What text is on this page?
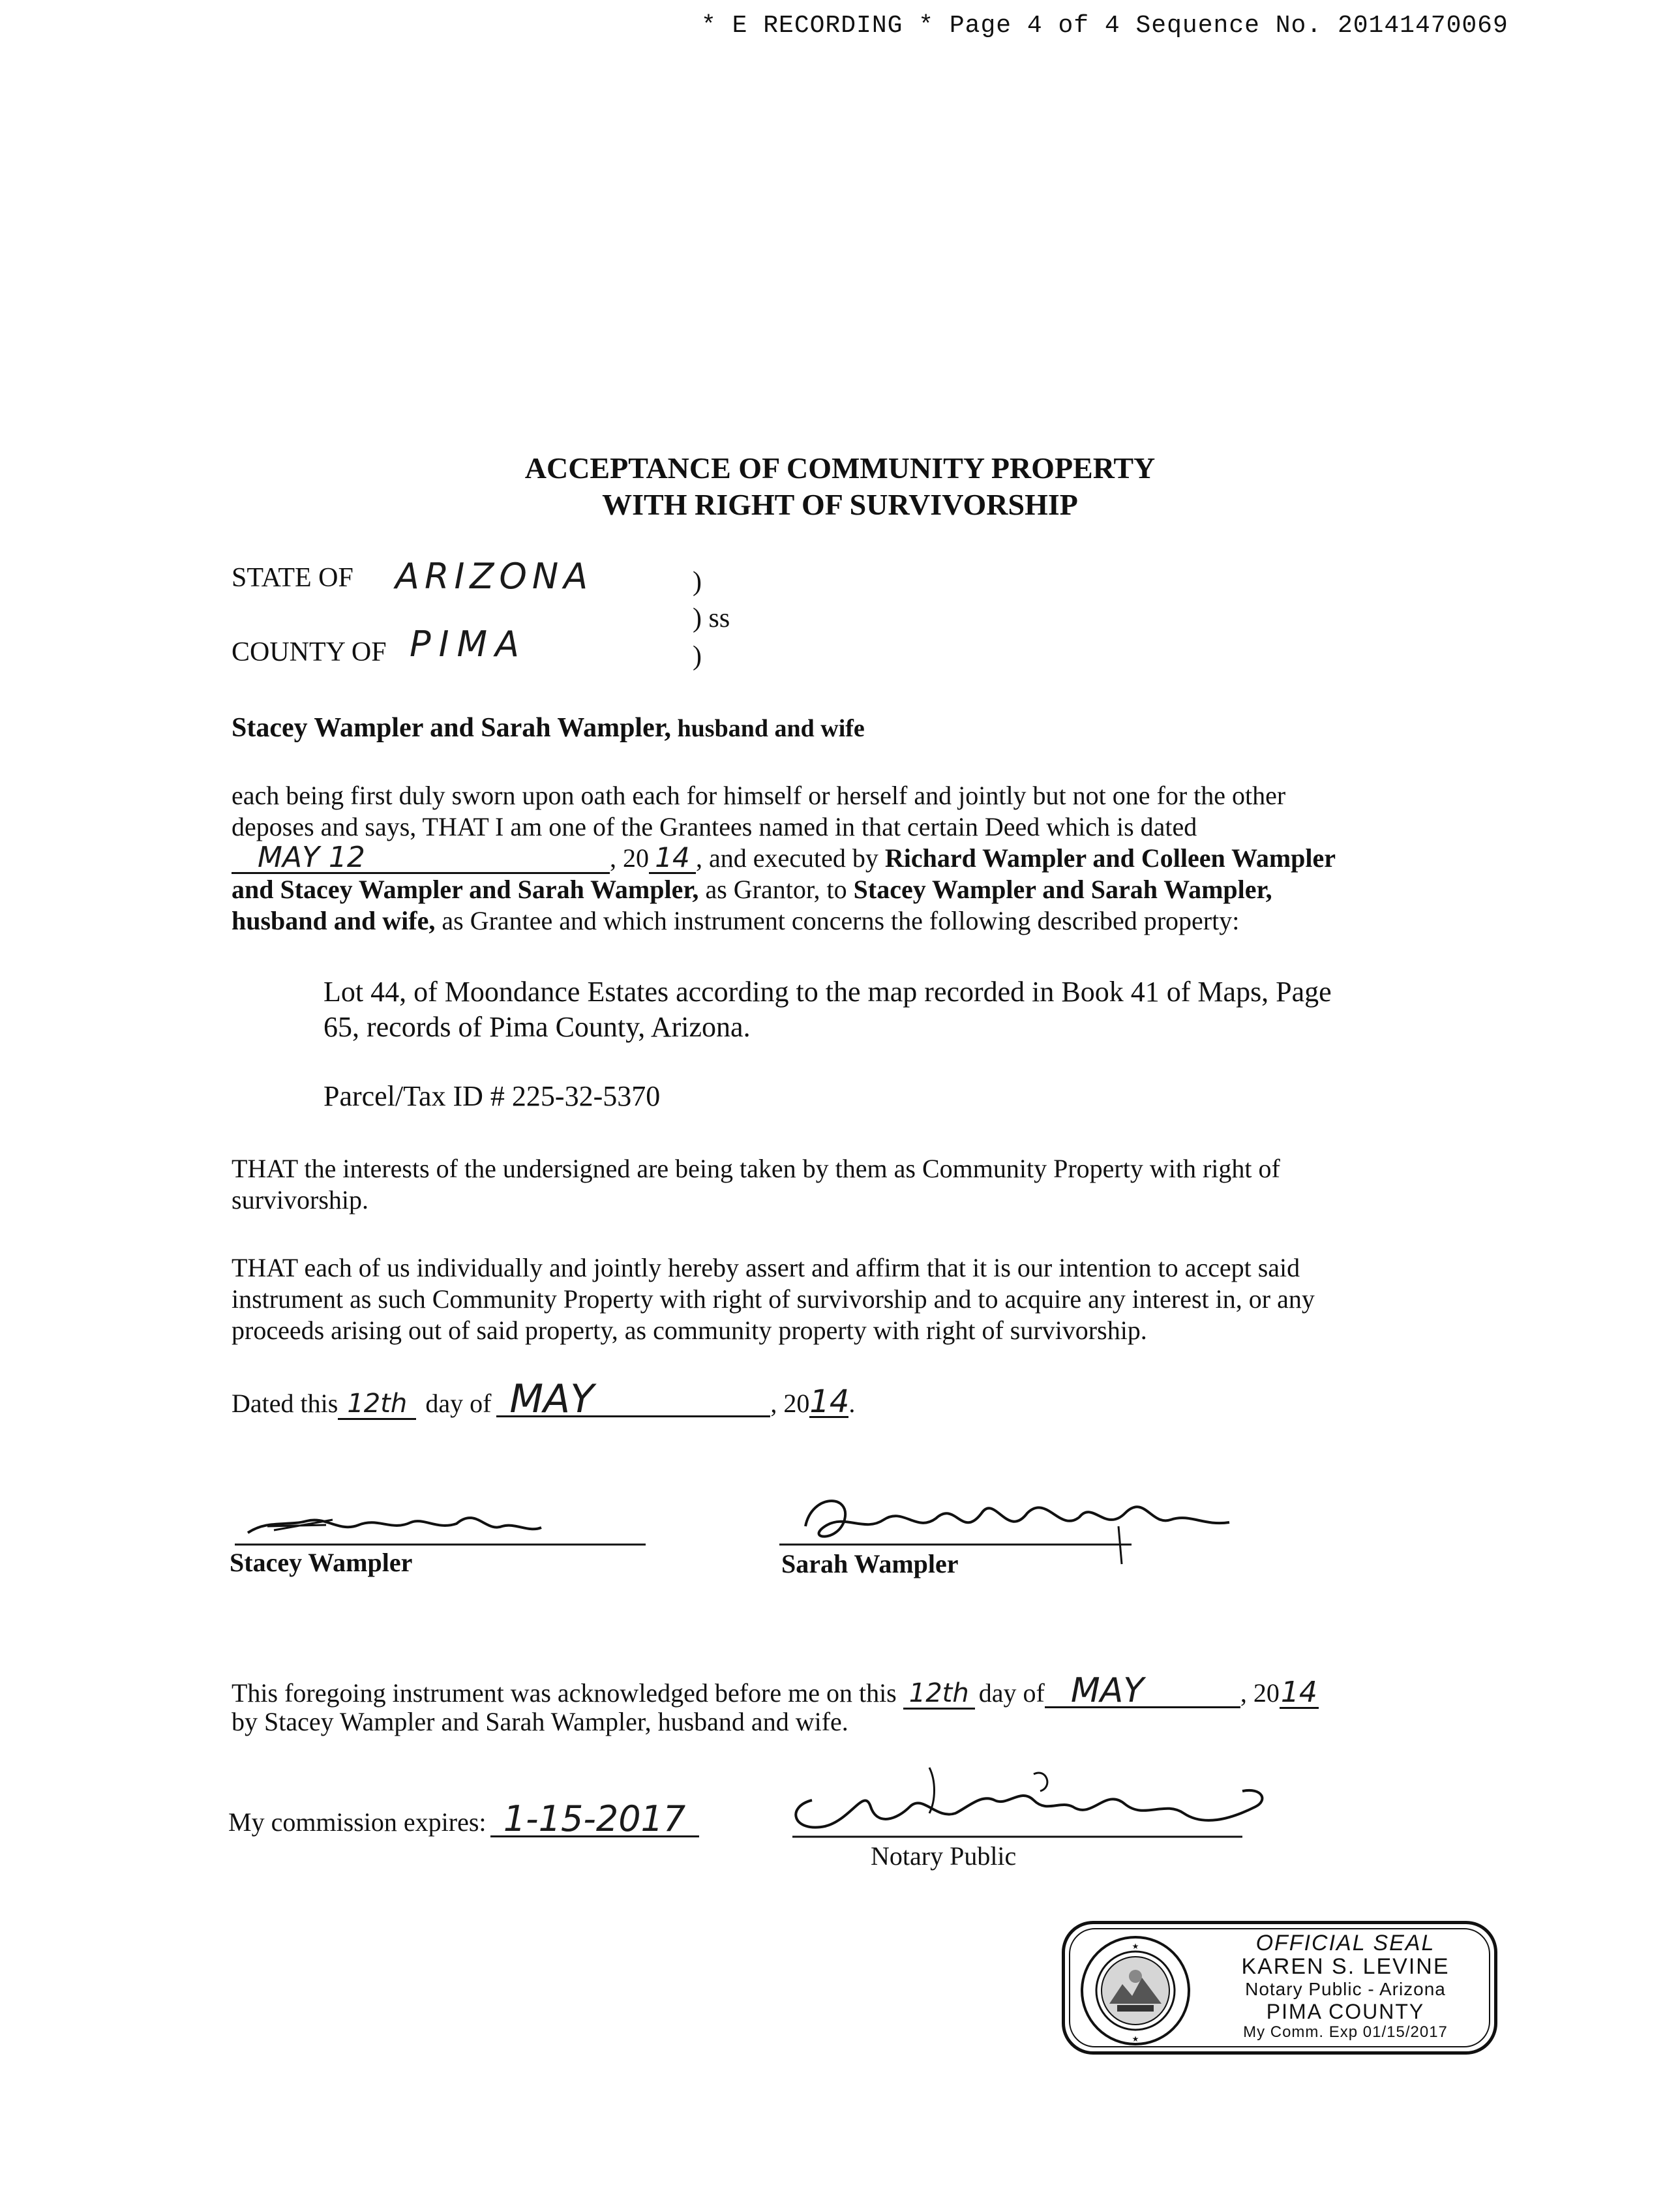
* E RECORDING * Page 4 of 4 Sequence No. 20141470069
ACCEPTANCE OF COMMUNITY PROPERTY
WITH RIGHT OF SURVIVORSHIP
STATE OF ARIZONA	)
) ss
COUNTY OF PIMA	)
Stacey Wampler and Sarah Wampler, husband and wife
each being first duly sworn upon oath each for himself or herself and jointly but not one for the other
deposes and says, THAT I am one of the Grantees named in that certain Deed which is dated
MAY 12	, 20 14 , and executed by Richard Wampler and Colleen Wampler
and Stacey Wampler and Sarah Wampler, as Grantor, to Stacey Wampler and Sarah Wampler,
husband and wife, as Grantee and which instrument concerns the following described property:
Lot 44, of Moondance Estates according to the map recorded in Book 41 of Maps, Page
65, records of Pima County, Arizona.
Parcel/Tax ID # 225-32-5370
THAT the interests of the undersigned are being taken by them as Community Property with right of
survivorship.
THAT each of us individually and jointly hereby assert and affirm that it is our intention to accept said
instrument as such Community Property with right of survivorship and to acquire any interest in, or any
proceeds arising out of said property, as community property with right of survivorship.
Dated this 12th day of MAY	, 2014.
Stacey Wampler	Sarah Wampler
This foregoing instrument was acknowledged before me on this 12th day of MAY	, 2014
by Stacey Wampler and Sarah Wampler, husband and wife.
My commission expires: 1-15-2017
Notary Public
★
★
OFFICIAL SEAL
KAREN S. LEVINE
Notary Public - Arizona
PIMA COUNTY
My Comm. Exp 01/15/2017
